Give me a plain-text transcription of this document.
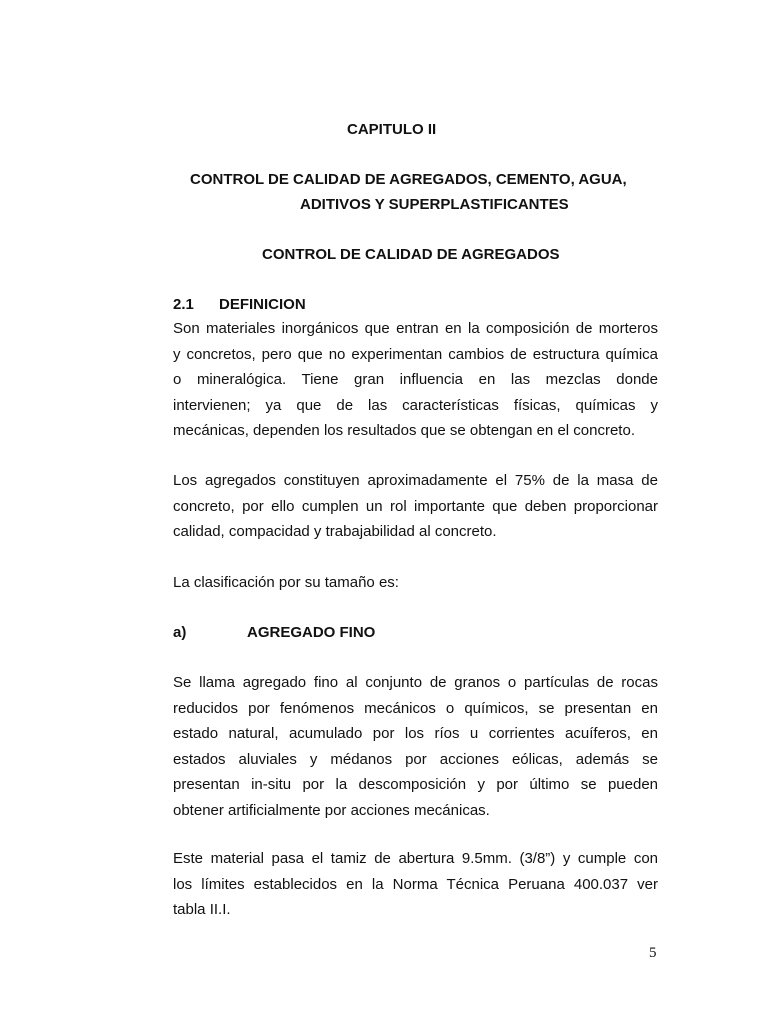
CAPITULO II

CONTROL DE CALIDAD DE AGREGADOS, CEMENTO, AGUA,

ADITIVOS Y SUPERPLASTIFICANTES

CONTROL DE CALIDAD DE AGREGADOS

2.1 DEFINICION

Son materiales inorgánicos que entran en la composición de morteros
y concretos, pero que no experimentan cambios de estructura química
o mineralógica. Tiene gran influencia en las mezclas donde
intervienen; ya que de las características físicas, químicas y
mecánicas, dependen los resultados que se obtengan en el concreto.
Los agregados constituyen aproximadamente el 75% de la masa de
concreto, por ello cumplen un rol importante que deben proporcionar
calidad, compacidad y trabajabilidad al concreto.
La clasificación por su tamaño es:

a)	AGREGADO FINO

Se llama agregado fino al conjunto de granos o partículas de rocas
reducidos por fenómenos mecánicos o químicos, se presentan en
estado natural, acumulado por los ríos u corrientes acuíferos, en
estados aluviales y médanos por acciones eólicas, además se
presentan in-situ por la descomposición y por último se pueden
obtener artificialmente por acciones mecánicas.
Este material pasa el tamiz de abertura 9.5mm. (3/8”) y cumple con
los límites establecidos en la Norma Técnica Peruana 400.037 ver
tabla II.I.

5
